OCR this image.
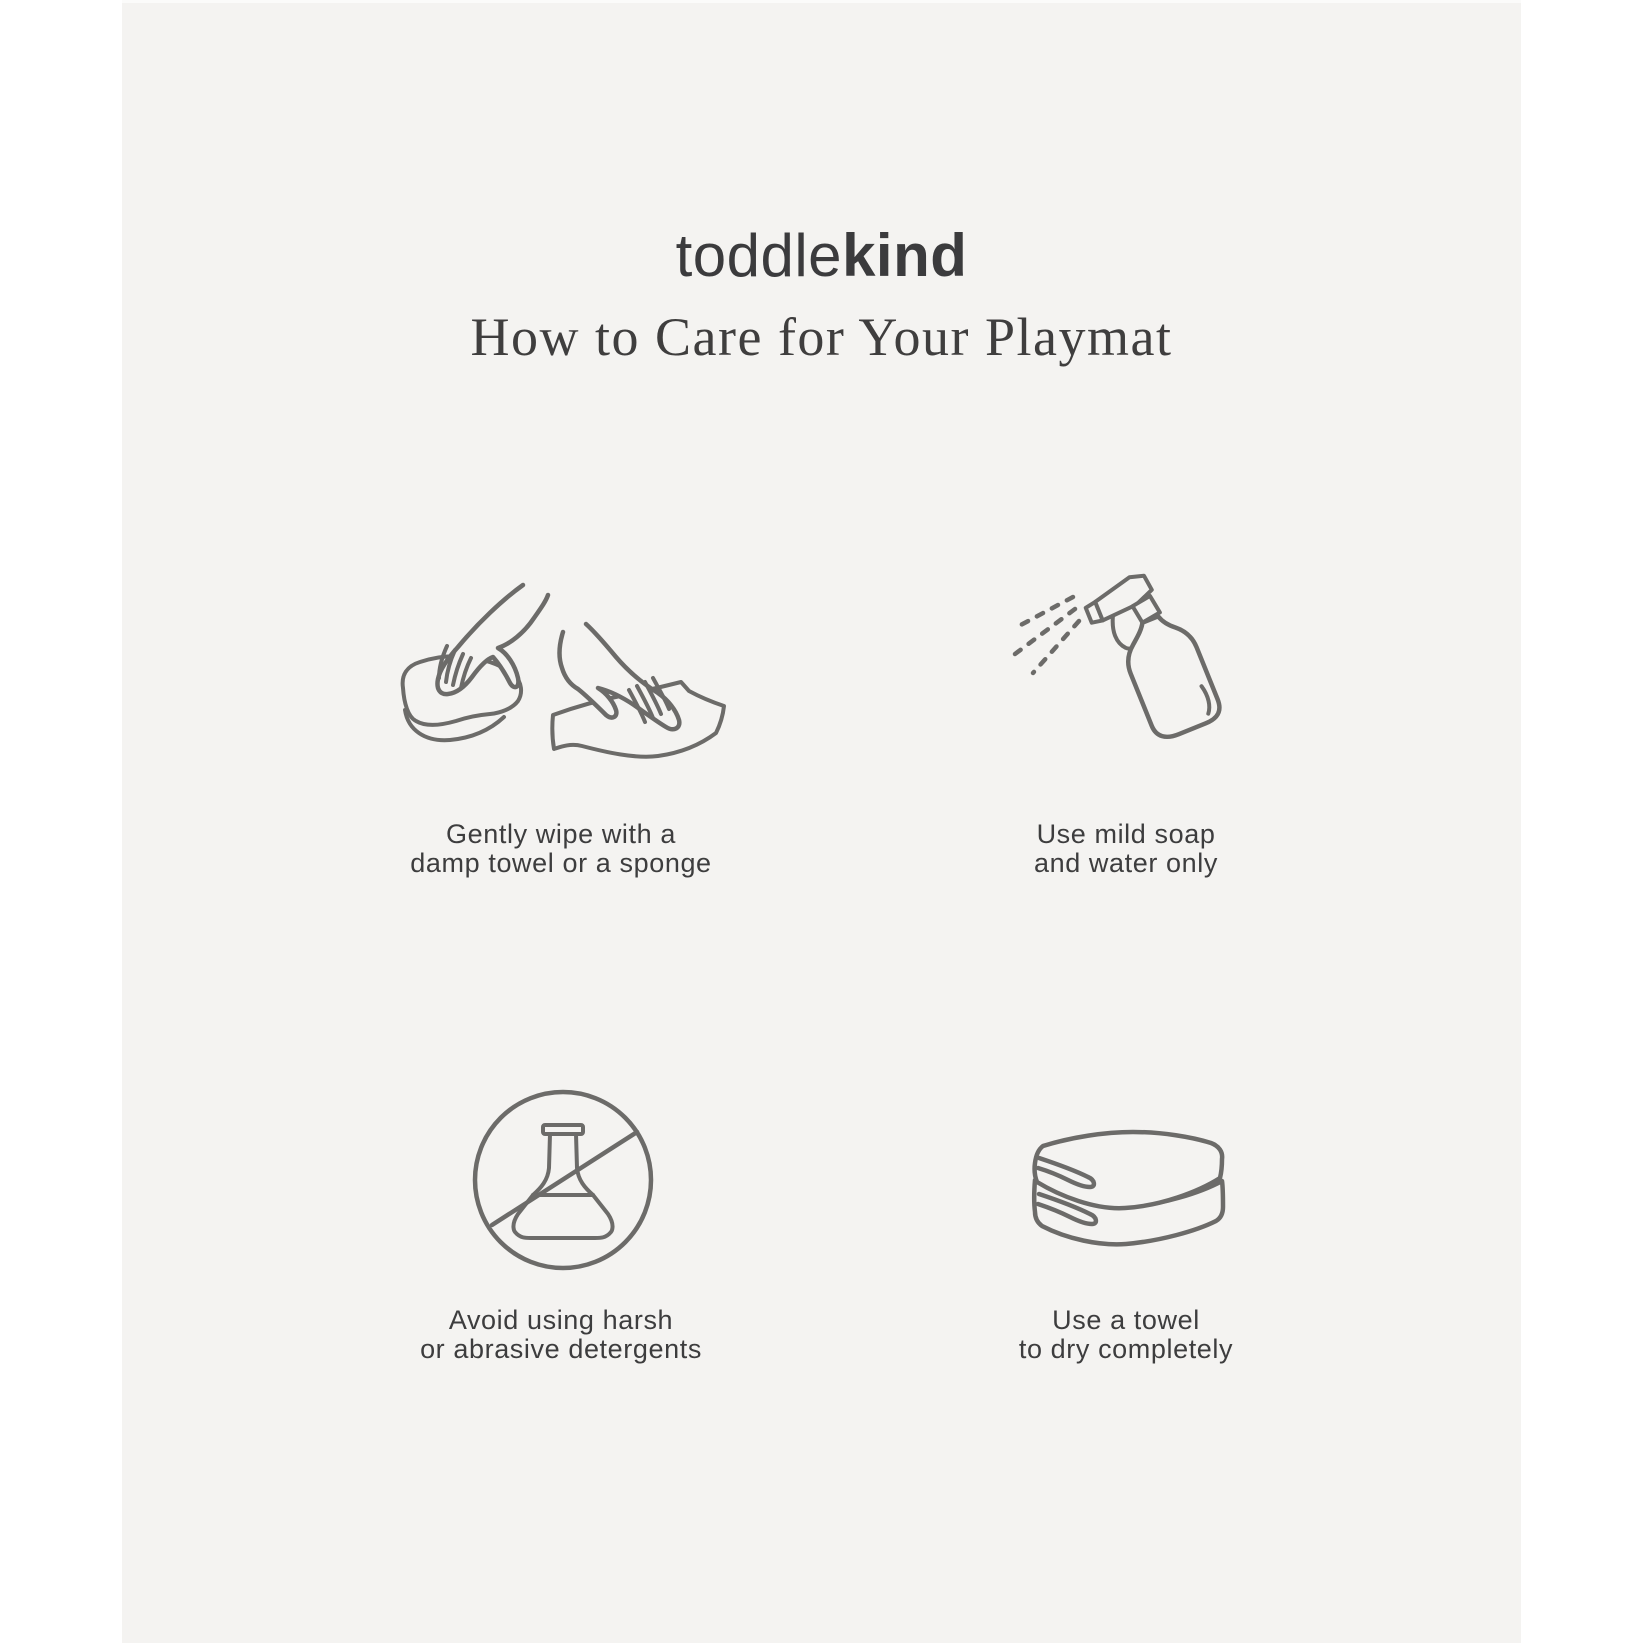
toddlekind
How to Care for Your Playmat
Gently wipe with a
damp towel or a sponge
Use mild soap
and water only
Avoid using harsh
or abrasive detergents
Use a towel
to dry completely
